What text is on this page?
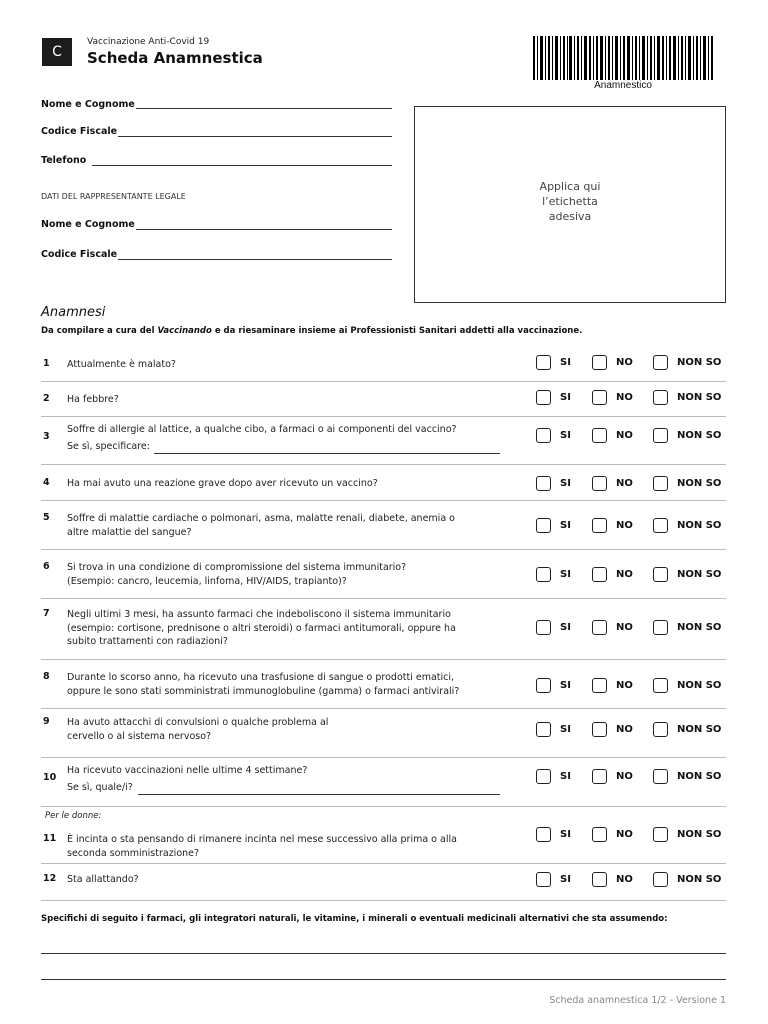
C
Vaccinazione Anti-Covid 19
Scheda Anamnestica
Anamnestico
Nome e Cognome
Codice Fiscale
Telefono
DATI DEL RAPPRESENTANTE LEGALE
Nome e Cognome
Codice Fiscale
Applica qui
l’etichetta
adesiva
Anamnesi
Da compilare a cura del Vaccinando e da riesaminare insieme ai Professionisti Sanitari addetti alla vaccinazione.
Per le donne:
1 Attualmente è malato?	SI	NO	NON SO
2 Ha febbre?	SI	NO	NON SO
3
Soffre di allergie al lattice, a qualche cibo, a farmaci o ai componenti del vaccino?
Se sì, specificare:
SI	NO	NON SO
4 Ha mai avuto una reazione grave dopo aver ricevuto un vaccino?	SI	NO	NON SO
5 Soffre di malattie cardiache o polmonari, asma, malatte renali, diabete, anemia o
altre malattie del sangue?
SI	NO	NON SO
6 Si trova in una condizione di compromissione del sistema immunitario?
(Esempio: cancro, leucemia, linfoma, HIV/AIDS, trapianto)?
SI	NO	NON SO
7 Negli ultimi 3 mesi, ha assunto farmaci che indeboliscono il sistema immunitario
(esempio: cortisone, prednisone o altri steroidi) o farmaci antitumorali, oppure ha
subito trattamenti con radiazioni?
SI	NO	NON SO
8 Durante lo scorso anno, ha ricevuto una trasfusione di sangue o prodotti ematici,
oppure le sono stati somministrati immunoglobuline (gamma) o farmaci antivirali?	SI	NO	NON SO
9 Ha avuto attacchi di convulsioni o qualche problema al
cervello o al sistema nervoso?
SI	NO	NON SO
10
Ha ricevuto vaccinazioni nelle ultime 4 settimane?
Se sì, quale/i?
SI	NO	NON SO
11 È incinta o sta pensando di rimanere incinta nel mese successivo alla prima o alla
seconda somministrazione?
SI	NO	NON SO
12 Sta allattando?	SI	NO	NON SO
Specifichi di seguito i farmaci, gli integratori naturali, le vitamine, i minerali o eventuali medicinali alternativi che sta assumendo:
Scheda anamnestica 1/2 - Versione 1
